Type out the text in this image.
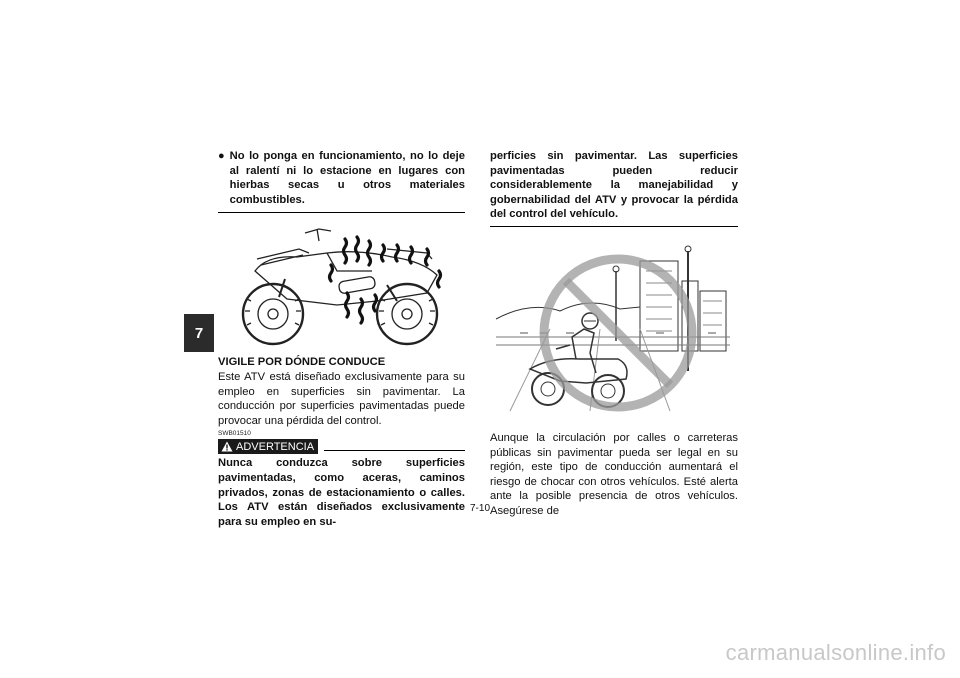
7
● No lo ponga en funcionamiento, no lo deje al ralentí ni lo estacione en lugares con hierbas secas u otros materiales combustibles.
VIGILE POR DÓNDE CONDUCE
Este ATV está diseñado exclusivamente para su empleo en superficies sin pavimentar. La conducción por superficies pavimentadas puede provocar una pérdida del control.
SWB01510
ADVERTENCIA
Nunca conduzca sobre superficies pavimentadas, como aceras, caminos privados, zonas de estacionamiento o calles. Los ATV están diseñados exclusivamente para su empleo en su-
perficies sin pavimentar. Las superficies pavimentadas pueden reducir considerablemente la manejabilidad y gobernabilidad del ATV y provocar la pérdida del control del vehículo.
Aunque la circulación por calles o carreteras públicas sin pavimentar pueda ser legal en su región, este tipo de conducción aumentará el riesgo de chocar con otros vehículos. Esté alerta ante la posible presencia de otros vehículos. Asegúrese de
7-10
carmanualsonline.info
